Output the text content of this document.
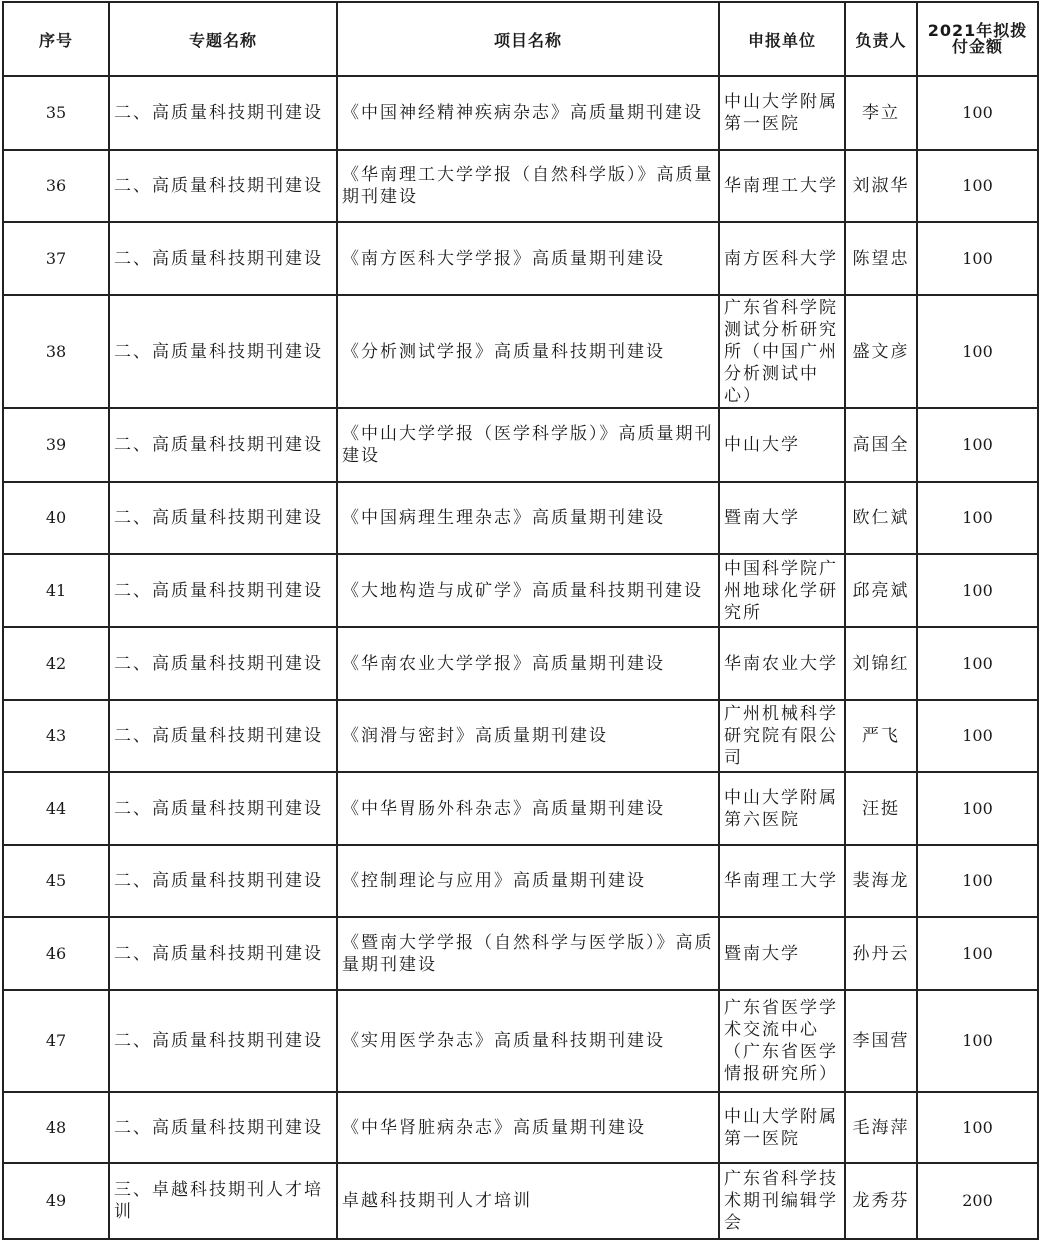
序号	专题名称	项目名称	申报单位	负责人	2021年拟拨付金额
35	二、高质量科技期刊建设	《中国神经精神疾病杂志》高质量期刊建设	中山大学附属第一医院	李立	100
36	二、高质量科技期刊建设	《华南理工大学学报（自然科学版）》高质量期刊建设	华南理工大学	刘淑华	100
37	二、高质量科技期刊建设	《南方医科大学学报》高质量期刊建设	南方医科大学	陈望忠	100
38	二、高质量科技期刊建设	《分析测试学报》高质量科技期刊建设	广东省科学院测试分析研究所（中国广州分析测试中心）	盛文彦	100
39	二、高质量科技期刊建设	《中山大学学报（医学科学版）》高质量期刊建设	中山大学	高国全	100
40	二、高质量科技期刊建设	《中国病理生理杂志》高质量期刊建设	暨南大学	欧仁斌	100
41	二、高质量科技期刊建设	《大地构造与成矿学》高质量科技期刊建设	中国科学院广州地球化学研究所	邱亮斌	100
42	二、高质量科技期刊建设	《华南农业大学学报》高质量期刊建设	华南农业大学	刘锦红	100
43	二、高质量科技期刊建设	《润滑与密封》高质量期刊建设	广州机械科学研究院有限公司	严飞	100
44	二、高质量科技期刊建设	《中华胃肠外科杂志》高质量期刊建设	中山大学附属第六医院	汪挺	100
45	二、高质量科技期刊建设	《控制理论与应用》高质量期刊建设	华南理工大学	裴海龙	100
46	二、高质量科技期刊建设	《暨南大学学报（自然科学与医学版）》高质量期刊建设	暨南大学	孙丹云	100
47	二、高质量科技期刊建设	《实用医学杂志》高质量科技期刊建设	广东省医学学术交流中心（广东省医学情报研究所）	李国营	100
48	二、高质量科技期刊建设	《中华肾脏病杂志》高质量期刊建设	中山大学附属第一医院	毛海萍	100
49	三、卓越科技期刊人才培训	卓越科技期刊人才培训	广东省科学技术期刊编辑学会	龙秀芬	200
